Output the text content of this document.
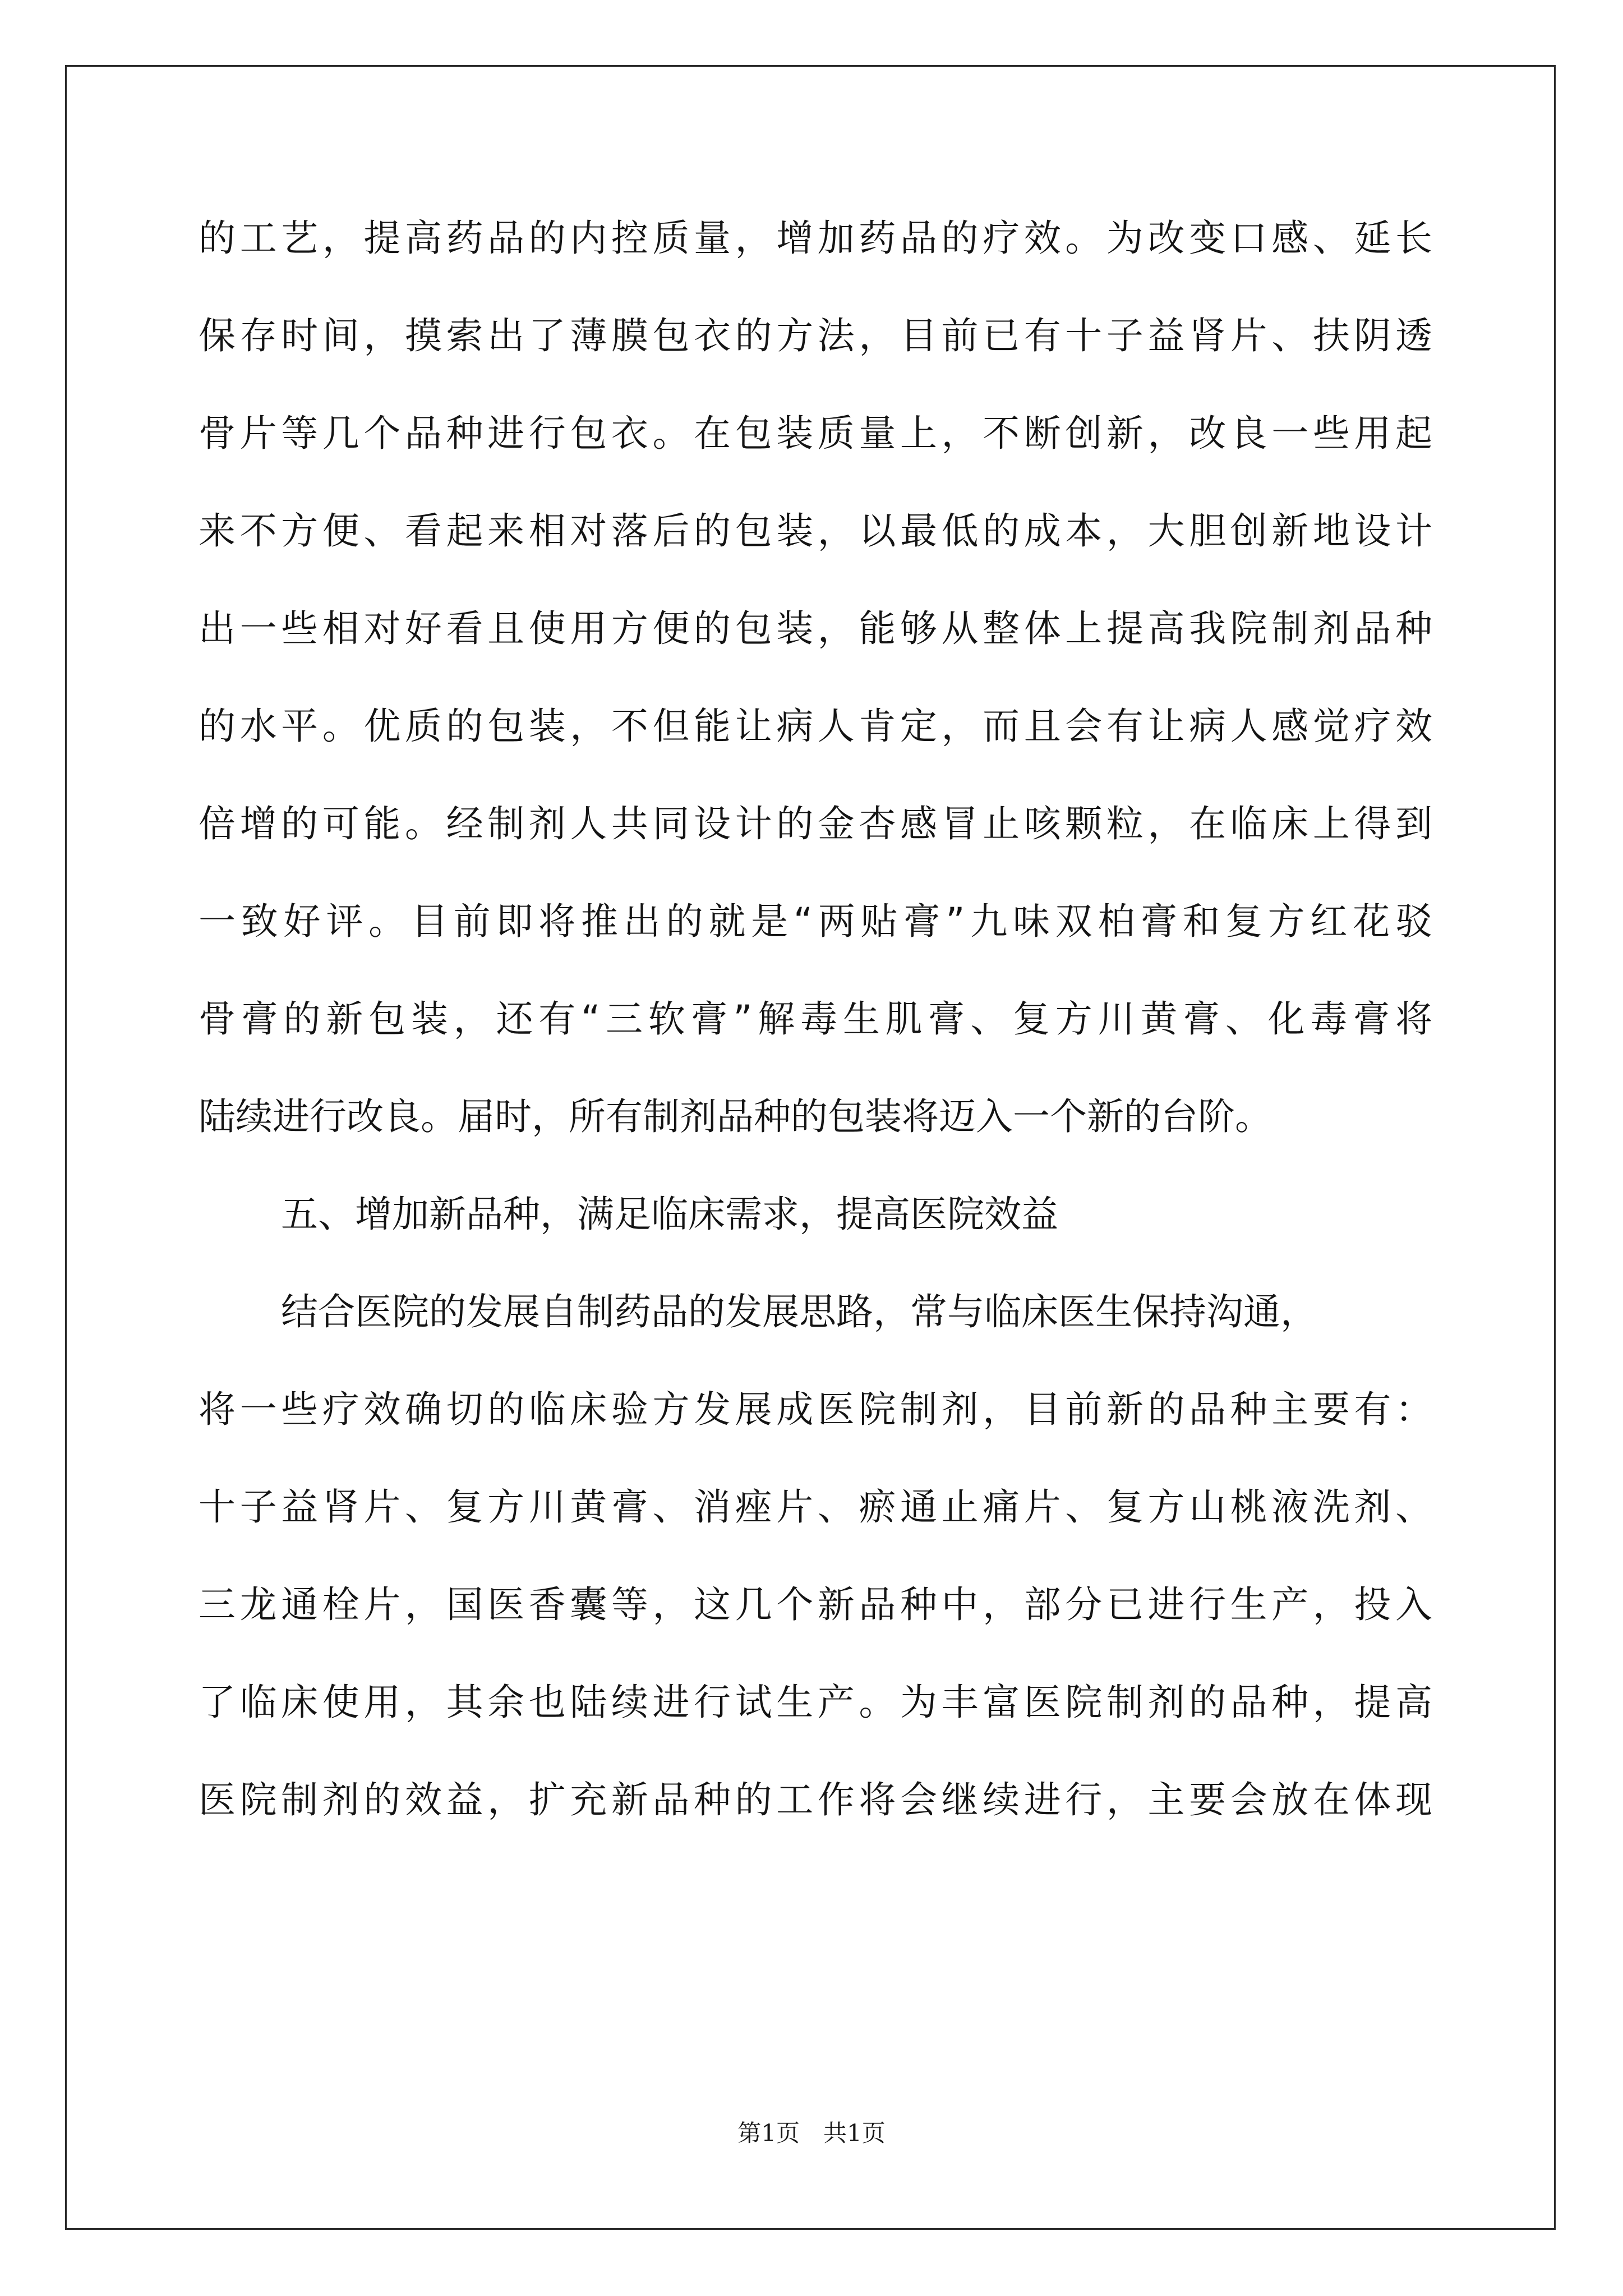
的工艺，提高药品的内控质量，增加药品的疗效。为改变口感、延长
保存时间，摸索出了薄膜包衣的方法，目前已有十子益肾片、扶阴透
骨片等几个品种进行包衣。在包装质量上，不断创新，改良一些用起
来不方便、看起来相对落后的包装，以最低的成本，大胆创新地设计
出一些相对好看且使用方便的包装，能够从整体上提高我院制剂品种
的水平。优质的包装，不但能让病人肯定，而且会有让病人感觉疗效
倍增的可能。经制剂人共同设计的金杏感冒止咳颗粒，在临床上得到
一致好评。目前即将推出的就是“两贴膏”九味双柏膏和复方红花驳
骨膏的新包装，还有“三软膏”解毒生肌膏、复方川黄膏、化毒膏将
陆续进行改良。届时，所有制剂品种的包装将迈入一个新的台阶。
五、增加新品种，满足临床需求，提高医院效益
结合医院的发展自制药品的发展思路，常与临床医生保持沟通，
将一些疗效确切的临床验方发展成医院制剂，目前新的品种主要有：
十子益肾片、复方川黄膏、消痤片、瘀通止痛片、复方山桃液洗剂、
三龙通栓片，国医香囊等，这几个新品种中，部分已进行生产，投入
了临床使用，其余也陆续进行试生产。为丰富医院制剂的品种，提高
医院制剂的效益，扩充新品种的工作将会继续进行，主要会放在体现
第1页　共1页
